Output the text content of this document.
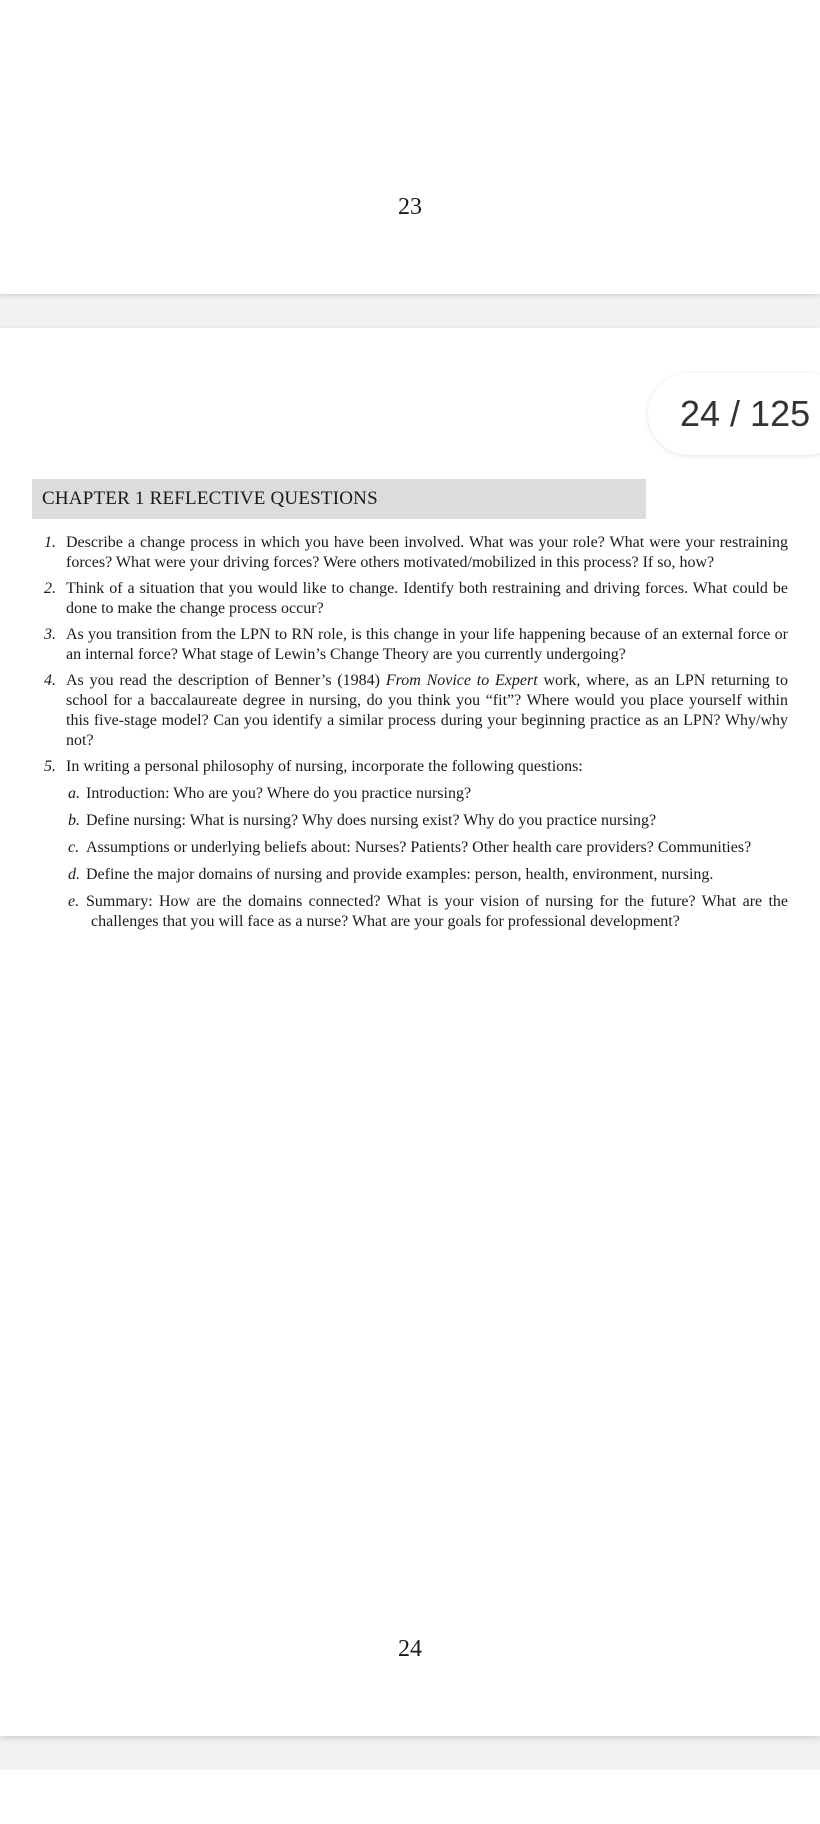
23
24 / 125
CHAPTER 1 REFLECTIVE QUESTIONS
1. Describe a change process in which you have been involved. What was your role? What were your restraining forces? What were your driving forces? Were others motivated/mobilized in this process? If so, how?
2. Think of a situation that you would like to change. Identify both restraining and driving forces. What could be done to make the change process occur?
3. As you transition from the LPN to RN role, is this change in your life happening because of an external force or an internal force? What stage of Lewin’s Change Theory are you currently undergoing?
4. As you read the description of Benner’s (1984) From Novice to Expert work, where, as an LPN returning to school for a baccalaureate degree in nursing, do you think you “fit”? Where would you place yourself within this five-stage model? Can you identify a similar process during your beginning practice as an LPN? Why/why not?
5. In writing a personal philosophy of nursing, incorporate the following questions:
a. Introduction: Who are you? Where do you practice nursing?
b. Define nursing: What is nursing? Why does nursing exist? Why do you practice nursing?
c. Assumptions or underlying beliefs about: Nurses? Patients? Other health care providers? Communities?
d. Define the major domains of nursing and provide examples: person, health, environment, nursing.
e. Summary: How are the domains connected? What is your vision of nursing for the future? What are the challenges that you will face as a nurse? What are your goals for professional development?
24
